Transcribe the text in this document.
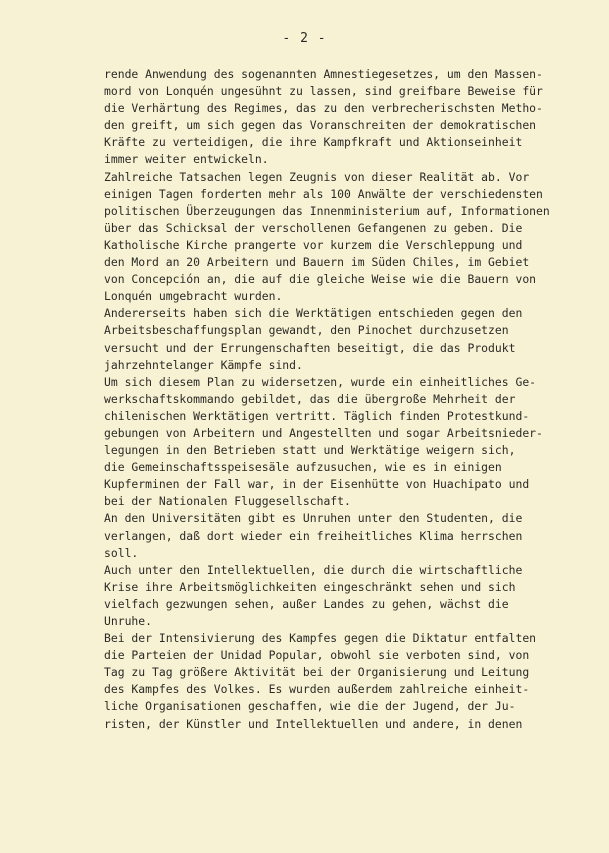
- 2 -
rende Anwendung des sogenannten Amnestiegesetzes, um den Massen-
mord von Lonquén ungesühnt zu lassen, sind greifbare Beweise für
die Verhärtung des Regimes, das zu den verbrecherischsten Metho-
den greift, um sich gegen das Voranschreiten der demokratischen
Kräfte zu verteidigen, die ihre Kampfkraft und Aktionseinheit
immer weiter entwickeln.
Zahlreiche Tatsachen legen Zeugnis von dieser Realität ab. Vor
einigen Tagen forderten mehr als 100 Anwälte der verschiedensten
politischen Überzeugungen das Innenministerium auf, Informationen
über das Schicksal der verschollenen Gefangenen zu geben. Die
Katholische Kirche prangerte vor kurzem die Verschleppung und
den Mord an 20 Arbeitern und Bauern im Süden Chiles, im Gebiet
von Concepción an, die auf die gleiche Weise wie die Bauern von
Lonquén umgebracht wurden.
Andererseits haben sich die Werktätigen entschieden gegen den
Arbeitsbeschaffungsplan gewandt, den Pinochet durchzusetzen
versucht und der Errungenschaften beseitigt, die das Produkt
jahrzehntelanger Kämpfe sind.
Um sich diesem Plan zu widersetzen, wurde ein einheitliches Ge-
werkschaftskommando gebildet, das die übergroße Mehrheit der
chilenischen Werktätigen vertritt. Täglich finden Protestkund-
gebungen von Arbeitern und Angestellten und sogar Arbeitsnieder-
legungen in den Betrieben statt und Werktätige weigern sich,
die Gemeinschaftsspeisesäle aufzusuchen, wie es in einigen
Kupferminen der Fall war, in der Eisenhütte von Huachipato und
bei der Nationalen Fluggesellschaft.
An den Universitäten gibt es Unruhen unter den Studenten, die
verlangen, daß dort wieder ein freiheitliches Klima herrschen
soll.
Auch unter den Intellektuellen, die durch die wirtschaftliche
Krise ihre Arbeitsmöglichkeiten eingeschränkt sehen und sich
vielfach gezwungen sehen, außer Landes zu gehen, wächst die
Unruhe.
Bei der Intensivierung des Kampfes gegen die Diktatur entfalten
die Parteien der Unidad Popular, obwohl sie verboten sind, von
Tag zu Tag größere Aktivität bei der Organisierung und Leitung
des Kampfes des Volkes. Es wurden außerdem zahlreiche einheit-
liche Organisationen geschaffen, wie die der Jugend, der Ju-
risten, der Künstler und Intellektuellen und andere, in denen
